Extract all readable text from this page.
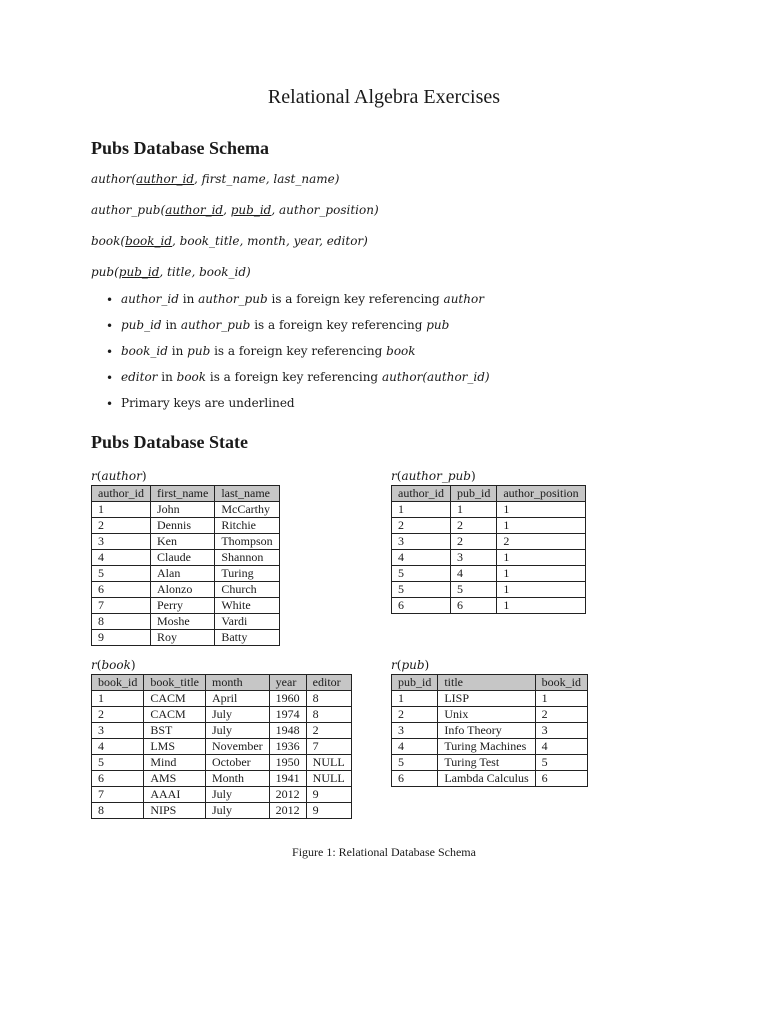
Relational Algebra Exercises
Pubs Database Schema
author(author_id, first_name, last_name)
author_pub(author_id, pub_id, author_position)
book(book_id, book_title, month, year, editor)
pub(pub_id, title, book_id)
• author_id in author_pub is a foreign key referencing author
• pub_id in author_pub is a foreign key referencing pub
• book_id in pub is a foreign key referencing book
• editor in book is a foreign key referencing author(author_id)
• Primary keys are underlined
Pubs Database State
r(author)
author_id	first_name	last_name
1	John	McCarthy
2	Dennis	Ritchie
3	Ken	Thompson
4	Claude	Shannon
5	Alan	Turing
6	Alonzo	Church
7	Perry	White
8	Moshe	Vardi
9	Roy	Batty
r(author_pub)
author_id	pub_id	author_position
1	1	1
2	2	1
3	2	2
4	3	1
5	4	1
5	5	1
6	6	1
r(book)
book_id	book_title	month	year	editor
1	CACM	April	1960	8
2	CACM	July	1974	8
3	BST	July	1948	2
4	LMS	November	1936	7
5	Mind	October	1950	NULL
6	AMS	Month	1941	NULL
7	AAAI	July	2012	9
8	NIPS	July	2012	9
r(pub)
pub_id	title	book_id
1	LISP	1
2	Unix	2
3	Info Theory	3
4	Turing Machines	4
5	Turing Test	5
6	Lambda Calculus	6
Figure 1: Relational Database Schema
